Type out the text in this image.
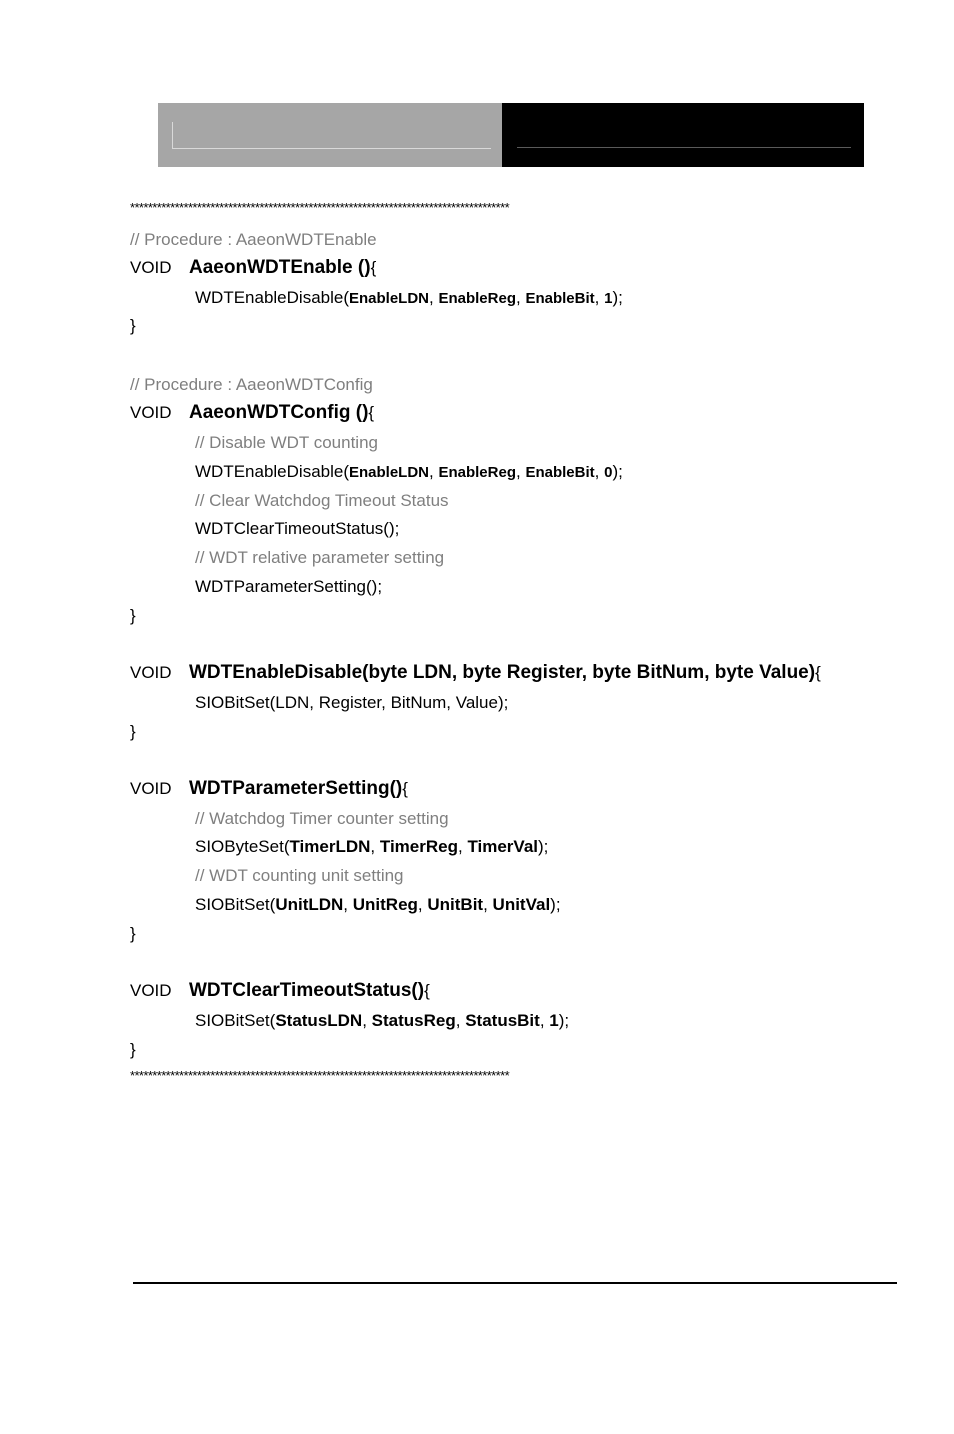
*************************************************************************************
// Procedure : AaeonWDTEnable
VOID AaeonWDTEnable (){
WDTEnableDisable(EnableLDN, EnableReg, EnableBit, 1);
}
// Procedure : AaeonWDTConfig
VOID AaeonWDTConfig (){
// Disable WDT counting
WDTEnableDisable(EnableLDN, EnableReg, EnableBit, 0);
// Clear Watchdog Timeout Status
WDTClearTimeoutStatus();
// WDT relative parameter setting
WDTParameterSetting();
}
VOID WDTEnableDisable(byte LDN, byte Register, byte BitNum, byte Value){
SIOBitSet(LDN, Register, BitNum, Value);
}
VOID WDTParameterSetting(){
// Watchdog Timer counter setting
SIOByteSet(TimerLDN, TimerReg, TimerVal);
// WDT counting unit setting
SIOBitSet(UnitLDN, UnitReg, UnitBit, UnitVal);
}
VOID WDTClearTimeoutStatus(){
SIOBitSet(StatusLDN, StatusReg, StatusBit, 1);
}
*************************************************************************************
